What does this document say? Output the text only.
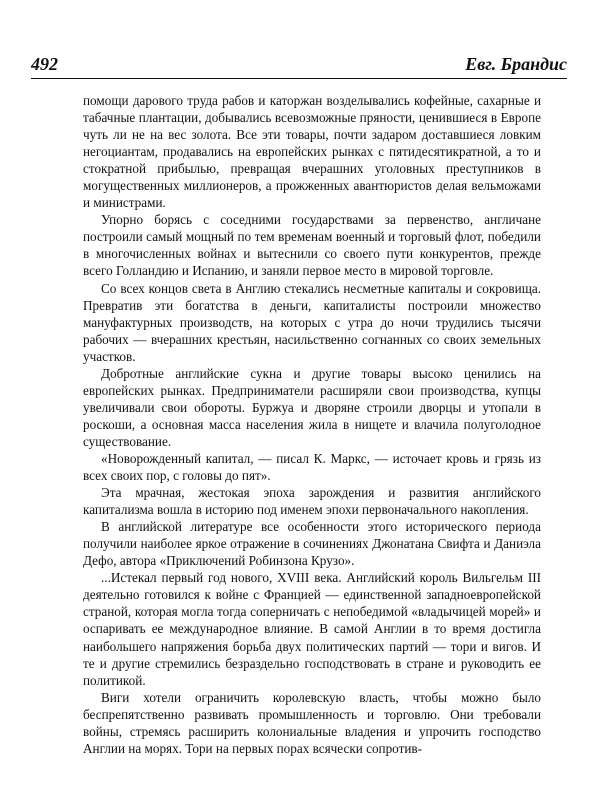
492	Евг. Брандис

помощи дарового труда рабов и каторжан возделывались кофейные, сахарные и табачные плантации, добывались всевозможные пряности, ценившиеся в Европе чуть ли не на вес золота. Все эти товары, почти задаром доставшиеся ловким негоциантам, продавались на европейских рынках с пятидесятикратной, а то и стократной прибылью, превращая вчерашних уголовных преступников в могущественных миллионеров, а прожженных авантюристов делая вельможами и министрами.

Упорно борясь с соседними государствами за первенство, англичане построили самый мощный по тем временам военный и торговый флот, победили в многочисленных войнах и вытеснили со своего пути конкурентов, прежде всего Голландию и Испанию, и заняли первое место в мировой торговле.

Со всех концов света в Англию стекались несметные капиталы и сокровища. Превратив эти богатства в деньги, капиталисты построили множество мануфактурных производств, на которых с утра до ночи трудились тысячи рабочих — вчерашних крестьян, насильственно согнанных со своих земельных участков.

Добротные английские сукна и другие товары высоко ценились на европейских рынках. Предприниматели расширяли свои производства, купцы увеличивали свои обороты. Буржуа и дворяне строили дворцы и утопали в роскоши, а основная масса населения жила в нищете и влачила полуголодное существование.

«Новорожденный капитал, — писал К. Маркс, — источает кровь и грязь из всех своих пор, с головы до пят».

Эта мрачная, жестокая эпоха зарождения и развития английского капитализма вошла в историю под именем эпохи первоначального накопления.

В английской литературе все особенности этого исторического периода получили наиболее яркое отражение в сочинениях Джонатана Свифта и Даниэла Дефо, автора «Приключений Робинзона Крузо».

...Истекал первый год нового, XVIII века. Английский король Вильгельм III деятельно готовился к войне с Францией — единственной западноевропейской страной, которая могла тогда соперничать с непобедимой «владычицей морей» и оспаривать ее международное влияние. В самой Англии в то время достигла наибольшего напряжения борьба двух политических партий — тори и вигов. И те и другие стремились безраздельно господствовать в стране и руководить ее политикой.

Виги хотели ограничить королевскую власть, чтобы можно было беспрепятственно развивать промышленность и торговлю. Они требовали войны, стремясь расширить колониальные владения и упрочить господство Англии на морях. Тори на первых порах всячески сопротив-
